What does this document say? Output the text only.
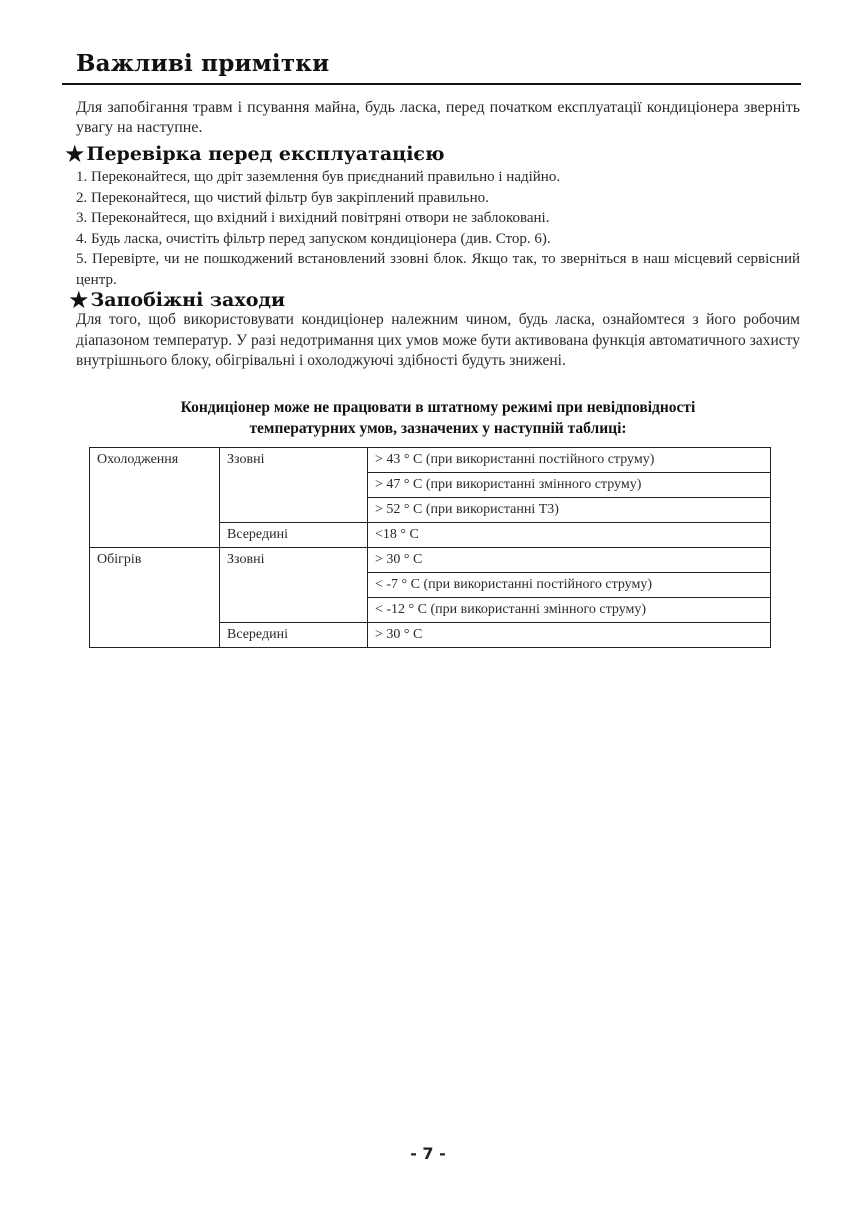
Важливі примітки
Для запобігання травм і псування майна, будь ласка, перед початком експлуатації кондиціонера зверніть увагу на наступне.
★ Перевірка перед експлуатацією
1. Переконайтеся, що дріт заземлення був приєднаний правильно і надійно.
2. Переконайтеся, що чистий фільтр був закріплений правильно.
3. Переконайтеся, що вхідний і вихідний повітряні отвори не заблоковані.
4. Будь ласка, очистіть фільтр перед запуском кондиціонера (див. Стор. 6).
5. Перевірте, чи не пошкоджений встановлений ззовні блок. Якщо так, то зверніться в наш місцевий сервісний центр.
★ Запобіжні заходи
Для того, щоб використовувати кондиціонер належним чином, будь ласка, ознайомтеся з його робочим діапазоном температур. У разі недотримання цих умов може бути активована функція автоматичного захисту внутрішнього блоку, обігрівальні і охолоджуючі здібності будуть знижені.
Кондиціонер може не працювати в штатному режимі при невідповідності
температурних умов, зазначених у наступній таблиці:
Охолодження	Ззовні	> 43 ° С (при використанні постійного струму)
		> 47 ° С (при використанні змінного струму)
		> 52 ° С (при використанні Т3)
	Всередині	<18 ° С
Обігрів	Ззовні	> 30 ° С
		< -7 ° С (при використанні постійного струму)
		< -12 ° С (при використанні змінного струму)
	Всередині	> 30 ° С
- 7 -
